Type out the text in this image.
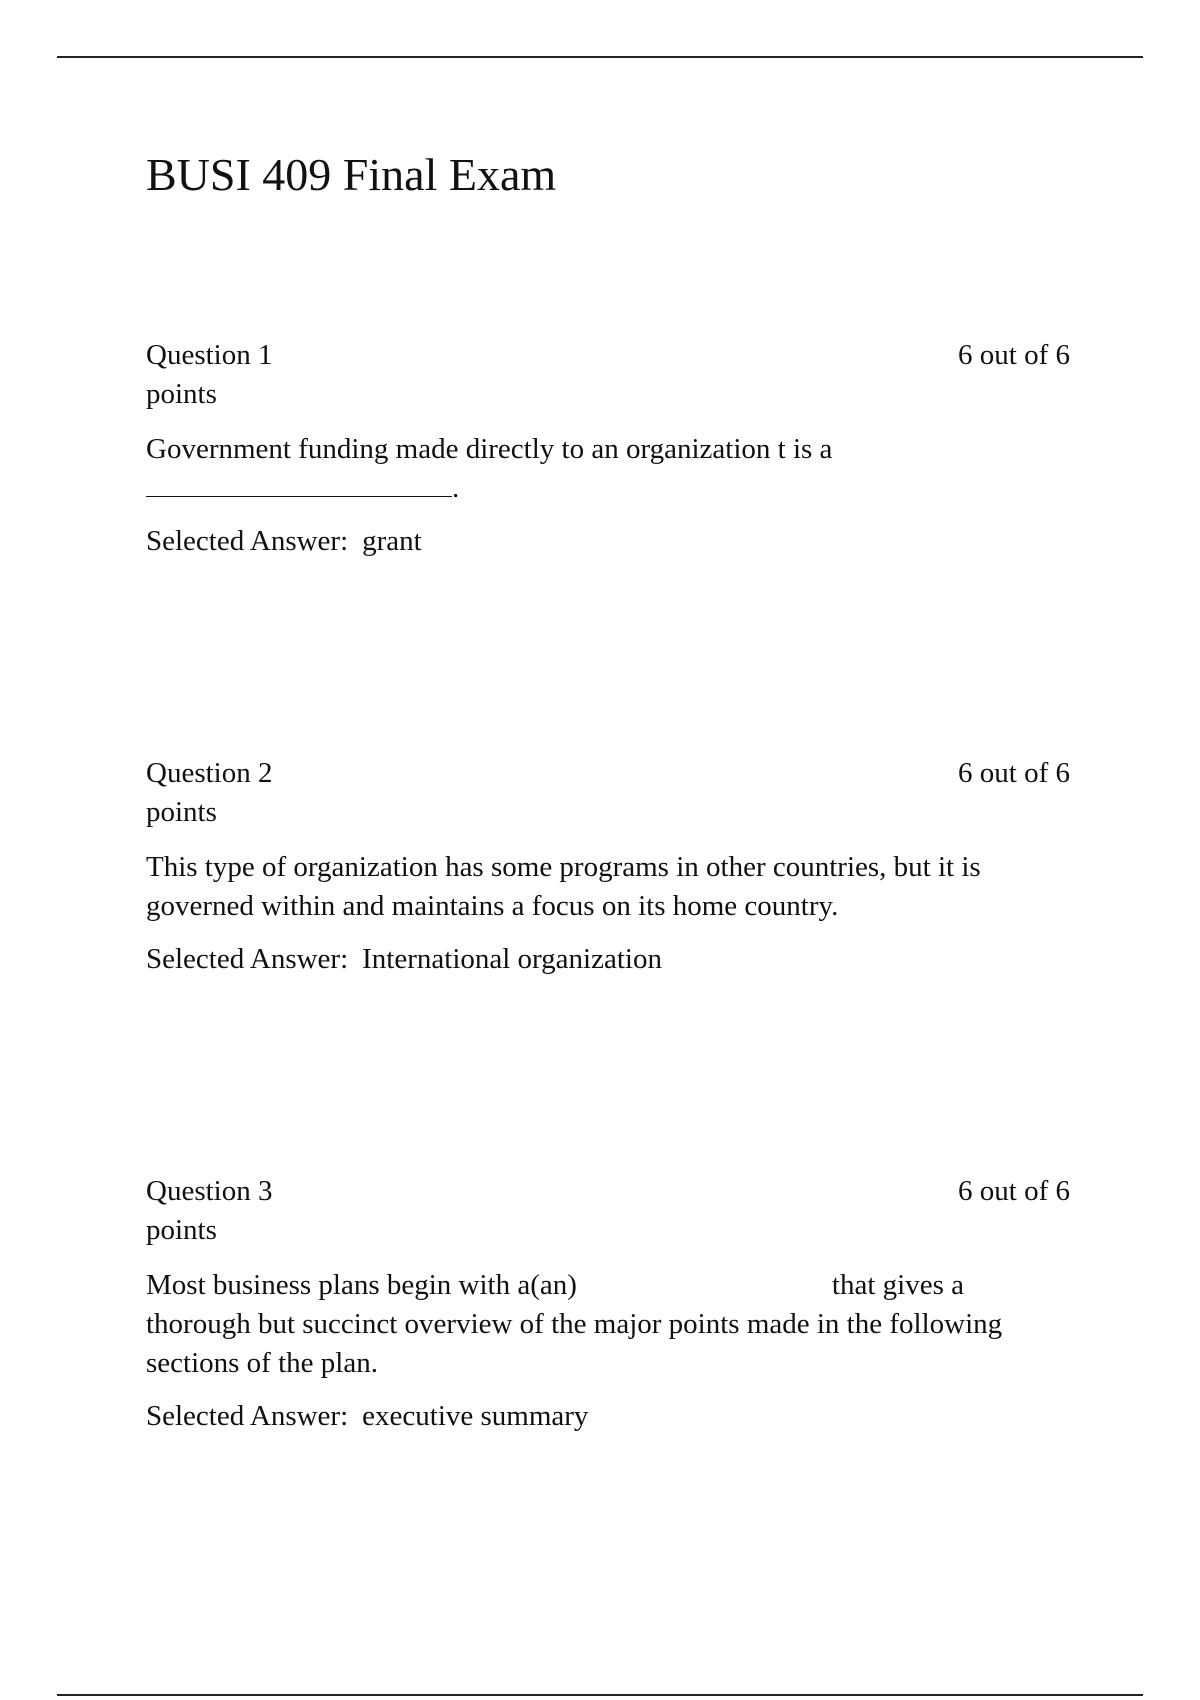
BUSI 409 Final Exam
Question 1	6 out of 6
points
Government funding made directly to an organization t is a
.
Selected Answer: grant
Question 2	6 out of 6
points
This type of organization has some programs in other countries, but it is governed within and maintains a focus on its home country.
Selected Answer: International organization
Question 3	6 out of 6
points
Most business plans begin with a(an)	that gives a thorough but succinct overview of the major points made in the following sections of the plan.
Selected Answer: executive summary
